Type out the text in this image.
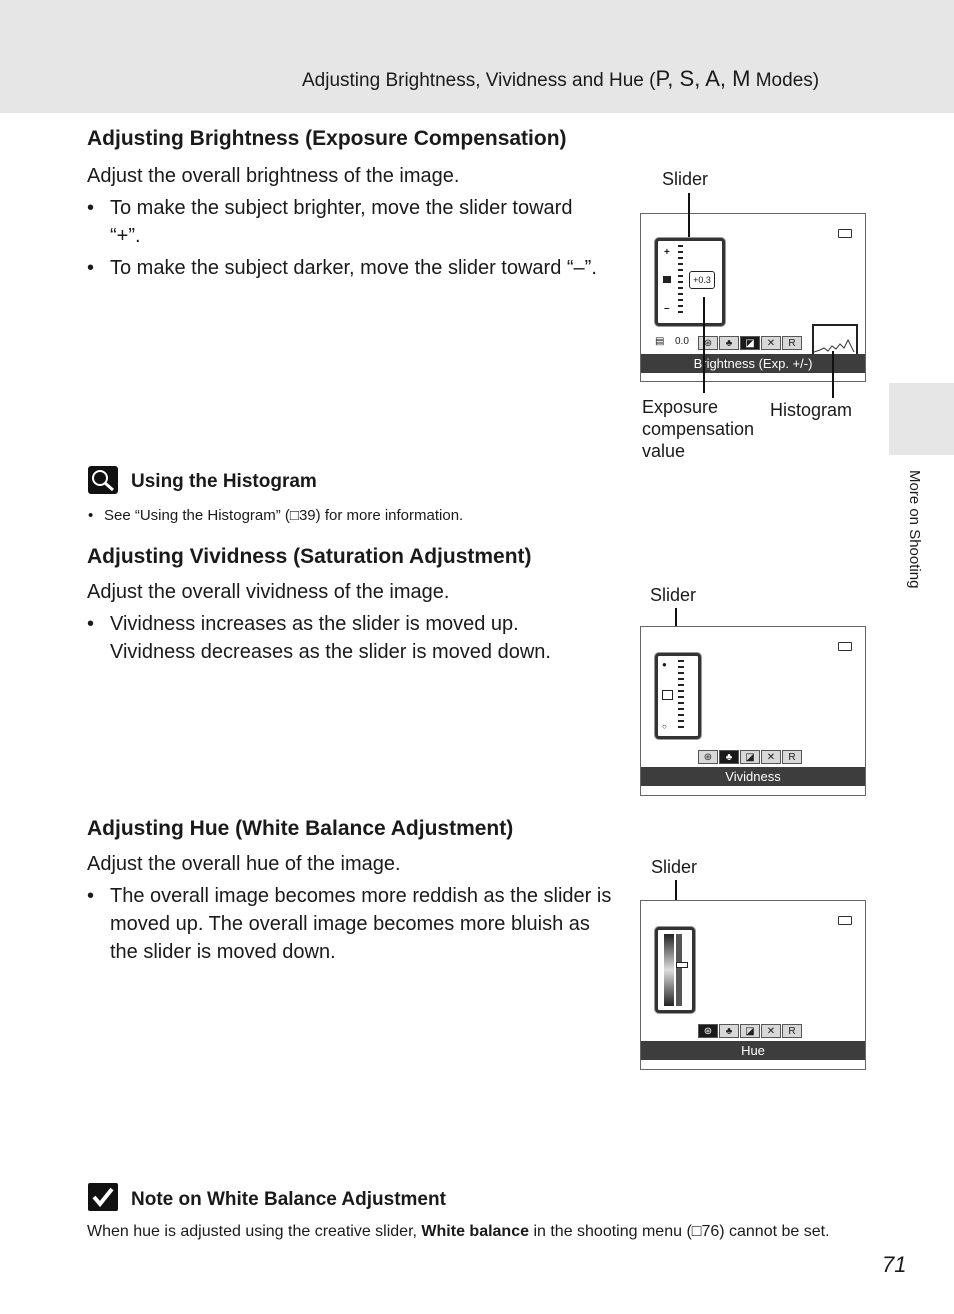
Adjusting Brightness, Vividness and Hue (P, S, A, M Modes)
More on Shooting
Adjusting Brightness (Exposure Compensation)
Adjust the overall brightness of the image.
• To make the subject brighter, move the slider toward “+”.
• To make the subject darker, move the slider toward “–”.
Slider
+
–
+0.3
▤ 0.0	⊛	♣	◪	✕	R
Brightness (Exp. +/-)
Exposure compensation value
Histogram
Using the Histogram
• See “Using the Histogram” (□39) for more information.
Adjusting Vividness (Saturation Adjustment)
Adjust the overall vividness of the image.
• Vividness increases as the slider is moved up. Vividness decreases as the slider is moved down.
Slider
●
○
⊛	♣	◪	✕	R
Vividness
Adjusting Hue (White Balance Adjustment)
Adjust the overall hue of the image.
• The overall image becomes more reddish as the slider is moved up. The overall image becomes more bluish as the slider is moved down.
Slider
⊛	♣	◪	✕	R
Hue
Note on White Balance Adjustment
When hue is adjusted using the creative slider, White balance in the shooting menu (□76) cannot be set.
71
